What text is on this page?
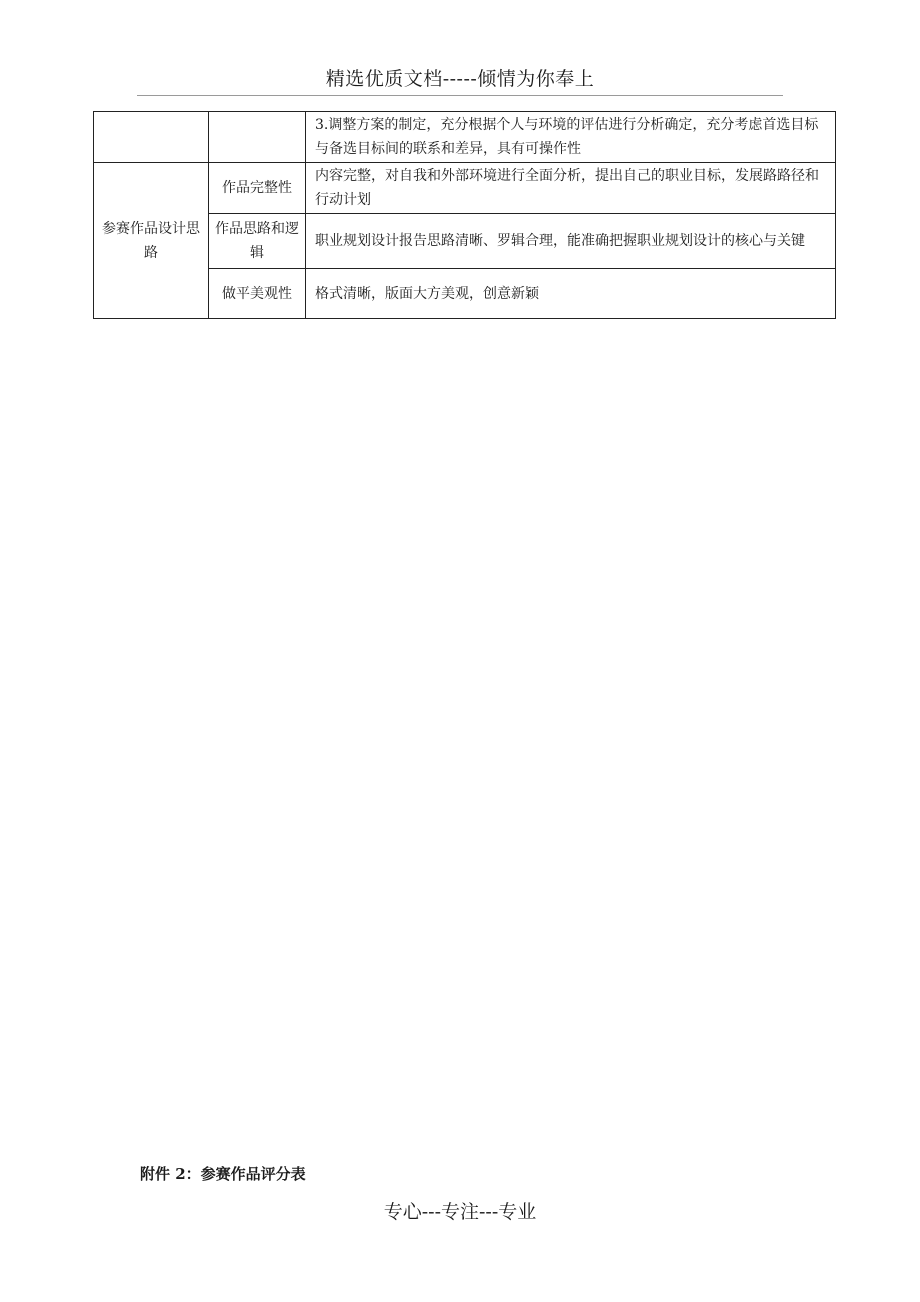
精选优质文档-----倾情为你奉上
		3.调整方案的制定，充分根据个人与环境的评估进行分析确定，充分考虑首选目标与备选目标间的联系和差异，具有可操作性
参赛作品设计思路	作品完整性	内容完整，对自我和外部环境进行全面分析，提出自己的职业目标，发展路路径和行动计划
	作品思路和逻辑	职业规划设计报告思路清晰、罗辑合理，能准确把握职业规划设计的核心与关键
	做平美观性	格式清晰，版面大方美观，创意新颖
附件 2：参赛作品评分表
专心---专注---专业
